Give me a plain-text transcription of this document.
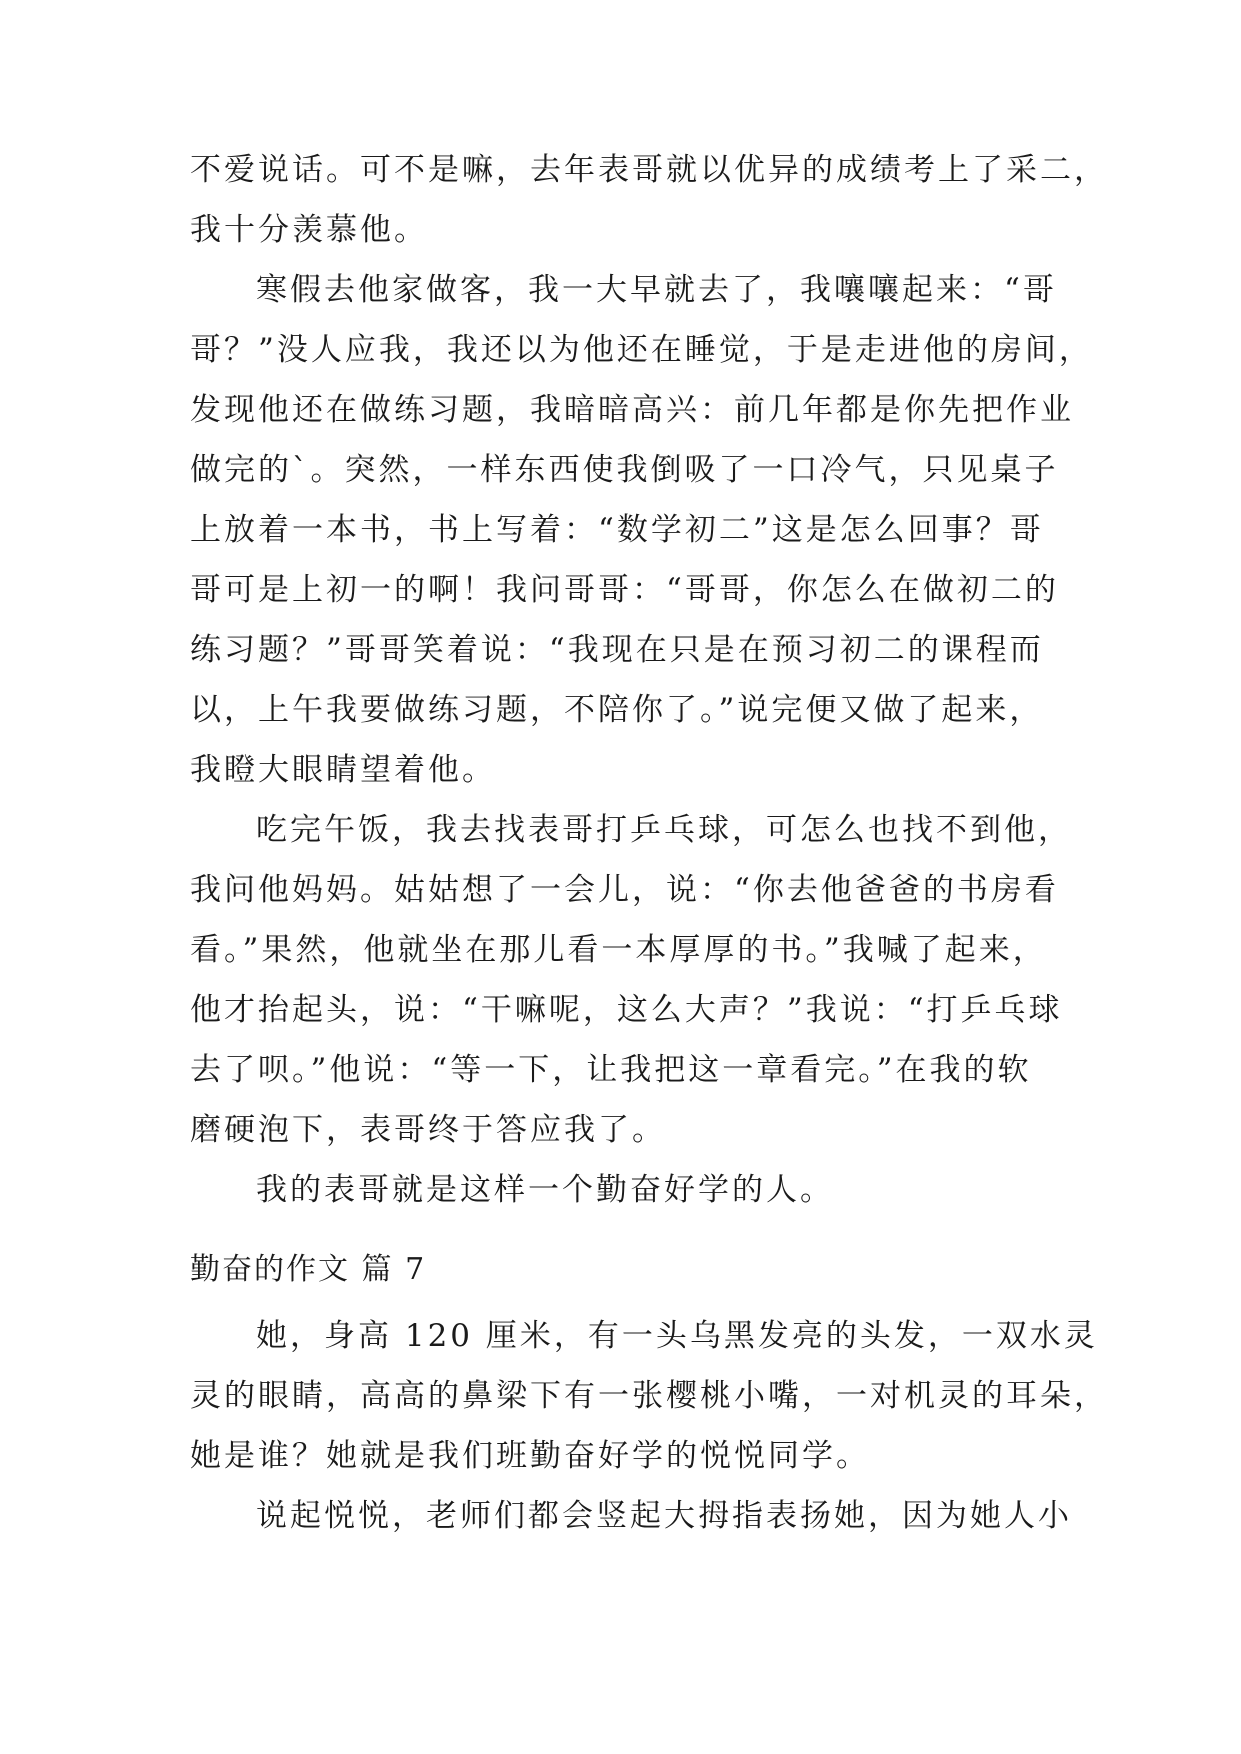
不爱说话。可不是嘛，去年表哥就以优异的成绩考上了采二，
我十分羡慕他。
寒假去他家做客，我一大早就去了，我嚷嚷起来：“哥
哥？”没人应我，我还以为他还在睡觉，于是走进他的房间，
发现他还在做练习题，我暗暗高兴：前几年都是你先把作业
做完的`。突然，一样东西使我倒吸了一口冷气，只见桌子
上放着一本书，书上写着：“数学初二”这是怎么回事？哥
哥可是上初一的啊！我问哥哥：“哥哥，你怎么在做初二的
练习题？”哥哥笑着说：“我现在只是在预习初二的课程而
以，上午我要做练习题，不陪你了。”说完便又做了起来，
我瞪大眼睛望着他。
吃完午饭，我去找表哥打乒乓球，可怎么也找不到他，
我问他妈妈。姑姑想了一会儿，说：“你去他爸爸的书房看
看。”果然，他就坐在那儿看一本厚厚的书。”我喊了起来，
他才抬起头，说：“干嘛呢，这么大声？”我说：“打乒乓球
去了呗。”他说：“等一下，让我把这一章看完。”在我的软
磨硬泡下，表哥终于答应我了。
我的表哥就是这样一个勤奋好学的人。
勤奋的作文 篇 7
她，身高 120 厘米，有一头乌黑发亮的头发，一双水灵
灵的眼睛，高高的鼻梁下有一张樱桃小嘴，一对机灵的耳朵，
她是谁？她就是我们班勤奋好学的悦悦同学。
说起悦悦，老师们都会竖起大拇指表扬她，因为她人小
